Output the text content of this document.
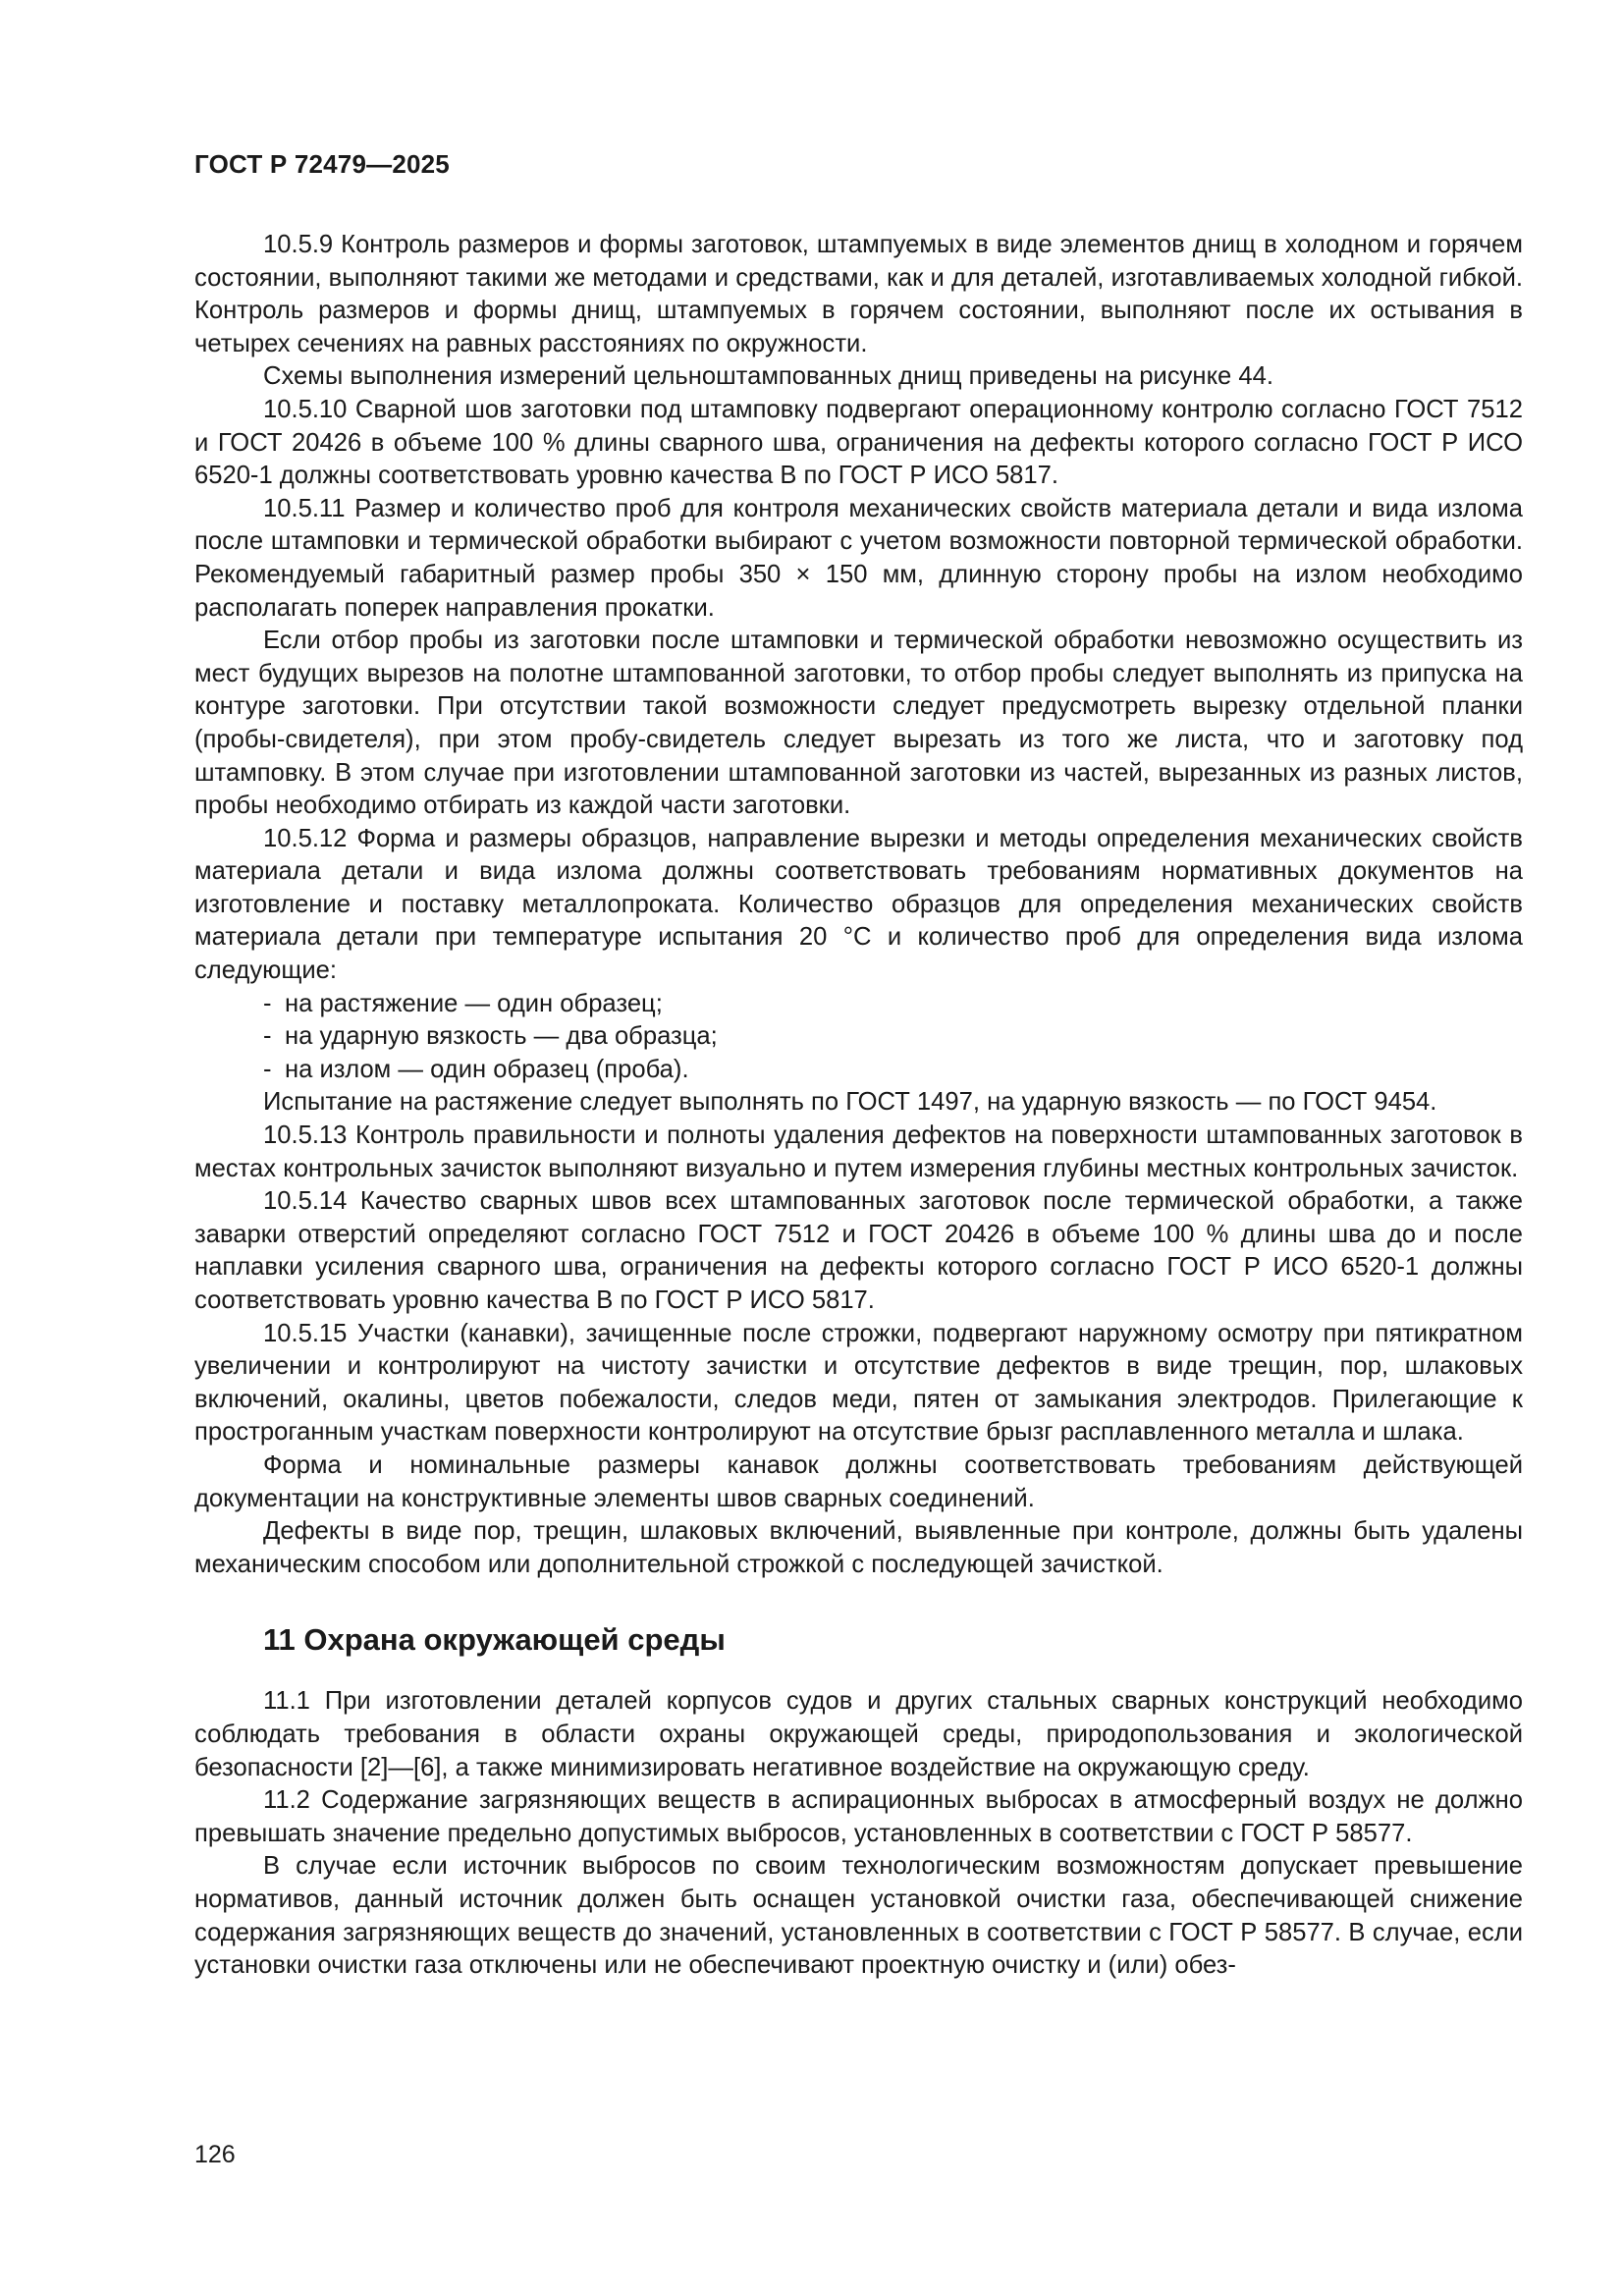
ГОСТ Р 72479—2025

10.5.9 Контроль размеров и формы заготовок, штампуемых в виде элементов днищ в холодном и горячем состоянии, выполняют такими же методами и средствами, как и для деталей, изготавливаемых холодной гибкой. Контроль размеров и формы днищ, штампуемых в горячем состоянии, выполняют после их остывания в четырех сечениях на равных расстояниях по окружности.

Схемы выполнения измерений цельноштампованных днищ приведены на рисунке 44.

10.5.10 Сварной шов заготовки под штамповку подвергают операционному контролю согласно ГОСТ 7512 и ГОСТ 20426 в объеме 100 % длины сварного шва, ограничения на дефекты которого согласно ГОСТ Р ИСО 6520-1 должны соответствовать уровню качества В по ГОСТ Р ИСО 5817.

10.5.11 Размер и количество проб для контроля механических свойств материала детали и вида излома после штамповки и термической обработки выбирают с учетом возможности повторной термической обработки. Рекомендуемый габаритный размер пробы 350 × 150 мм, длинную сторону пробы на излом необходимо располагать поперек направления прокатки.

Если отбор пробы из заготовки после штамповки и термической обработки невозможно осуществить из мест будущих вырезов на полотне штампованной заготовки, то отбор пробы следует выполнять из припуска на контуре заготовки. При отсутствии такой возможности следует предусмотреть вырезку отдельной планки (пробы-свидетеля), при этом пробу-свидетель следует вырезать из того же листа, что и заготовку под штамповку. В этом случае при изготовлении штампованной заготовки из частей, вырезанных из разных листов, пробы необходимо отбирать из каждой части заготовки.

10.5.12 Форма и размеры образцов, направление вырезки и методы определения механических свойств материала детали и вида излома должны соответствовать требованиям нормативных документов на изготовление и поставку металлопроката. Количество образцов для определения механических свойств материала детали при температуре испытания 20 °С и количество проб для определения вида излома следующие:

- на растяжение — один образец;

- на ударную вязкость — два образца;

- на излом — один образец (проба).

Испытание на растяжение следует выполнять по ГОСТ 1497, на ударную вязкость — по ГОСТ 9454.

10.5.13 Контроль правильности и полноты удаления дефектов на поверхности штампованных заготовок в местах контрольных зачисток выполняют визуально и путем измерения глубины местных контрольных зачисток.

10.5.14 Качество сварных швов всех штампованных заготовок после термической обработки, а также заварки отверстий определяют согласно ГОСТ 7512 и ГОСТ 20426 в объеме 100 % длины шва до и после наплавки усиления сварного шва, ограничения на дефекты которого согласно ГОСТ Р ИСО 6520-1 должны соответствовать уровню качества В по ГОСТ Р ИСО 5817.

10.5.15 Участки (канавки), зачищенные после строжки, подвергают наружному осмотру при пятикратном увеличении и контролируют на чистоту зачистки и отсутствие дефектов в виде трещин, пор, шлаковых включений, окалины, цветов побежалости, следов меди, пятен от замыкания электродов. Прилегающие к прострoганным участкам поверхности контролируют на отсутствие брызг расплавленного металла и шлака.

Форма и номинальные размеры канавок должны соответствовать требованиям действующей документации на конструктивные элементы швов сварных соединений.

Дефекты в виде пор, трещин, шлаковых включений, выявленные при контроле, должны быть удалены механическим способом или дополнительной строжкой с последующей зачисткой.

11 Охрана окружающей среды

11.1 При изготовлении деталей корпусов судов и других стальных сварных конструкций необходимо соблюдать требования в области охраны окружающей среды, природопользования и экологической безопасности [2]—[6], а также минимизировать негативное воздействие на окружающую среду.

11.2 Содержание загрязняющих веществ в аспирационных выбросах в атмосферный воздух не должно превышать значение предельно допустимых выбросов, установленных в соответствии с ГОСТ Р 58577.

В случае если источник выбросов по своим технологическим возможностям допускает превышение нормативов, данный источник должен быть оснащен установкой очистки газа, обеспечивающей снижение содержания загрязняющих веществ до значений, установленных в соответствии с ГОСТ Р 58577. В случае, если установки очистки газа отключены или не обеспечивают проектную очистку и (или) обез-

126
